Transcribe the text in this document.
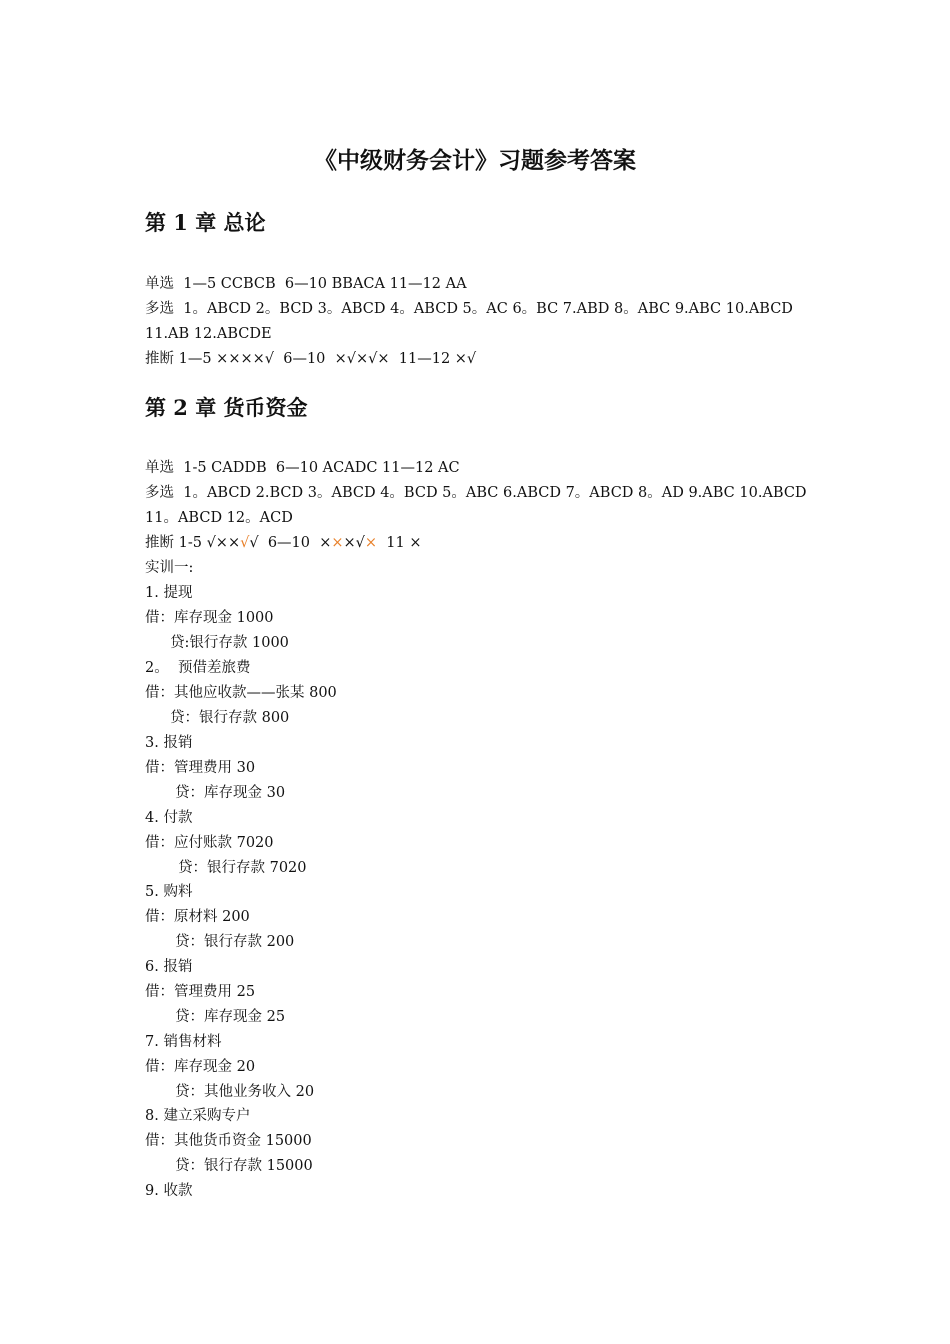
《中级财务会计》习题参考答案
第 1 章 总论
单选  1—5 CCBCB  6—10 BBACA 11—12 AA
多选  1。ABCD 2。BCD 3。ABCD 4。ABCD 5。AC 6。BC 7.ABD 8。ABC 9.ABC 10.ABCD
11.AB 12.ABCDE
推断 1—5 ××××√  6—10  ×√×√×  11—12 ×√
第 2 章 货币资金
单选  1-5 CADDB  6—10 ACADC 11—12 AC
多选  1。ABCD 2.BCD 3。ABCD 4。BCD 5。ABC 6.ABCD 7。ABCD 8。AD 9.ABC 10.ABCD
11。ABCD 12。ACD
推断 1-5 √××√√  6—10  ×××√×  11 ×
实训一:
1. 提现
借：库存现金 1000
贷:银行存款 1000
2。  预借差旅费
借：其他应收款——张某 800
贷：银行存款 800
3. 报销
借：管理费用 30
贷：库存现金 30
4. 付款
借：应付账款 7020
贷：银行存款 7020
5. 购料
借：原材料 200
贷：银行存款 200
6. 报销
借：管理费用 25
贷：库存现金 25
7. 销售材料
借：库存现金 20
贷：其他业务收入 20
8. 建立采购专户
借：其他货币资金 15000
贷：银行存款 15000
9. 收款
